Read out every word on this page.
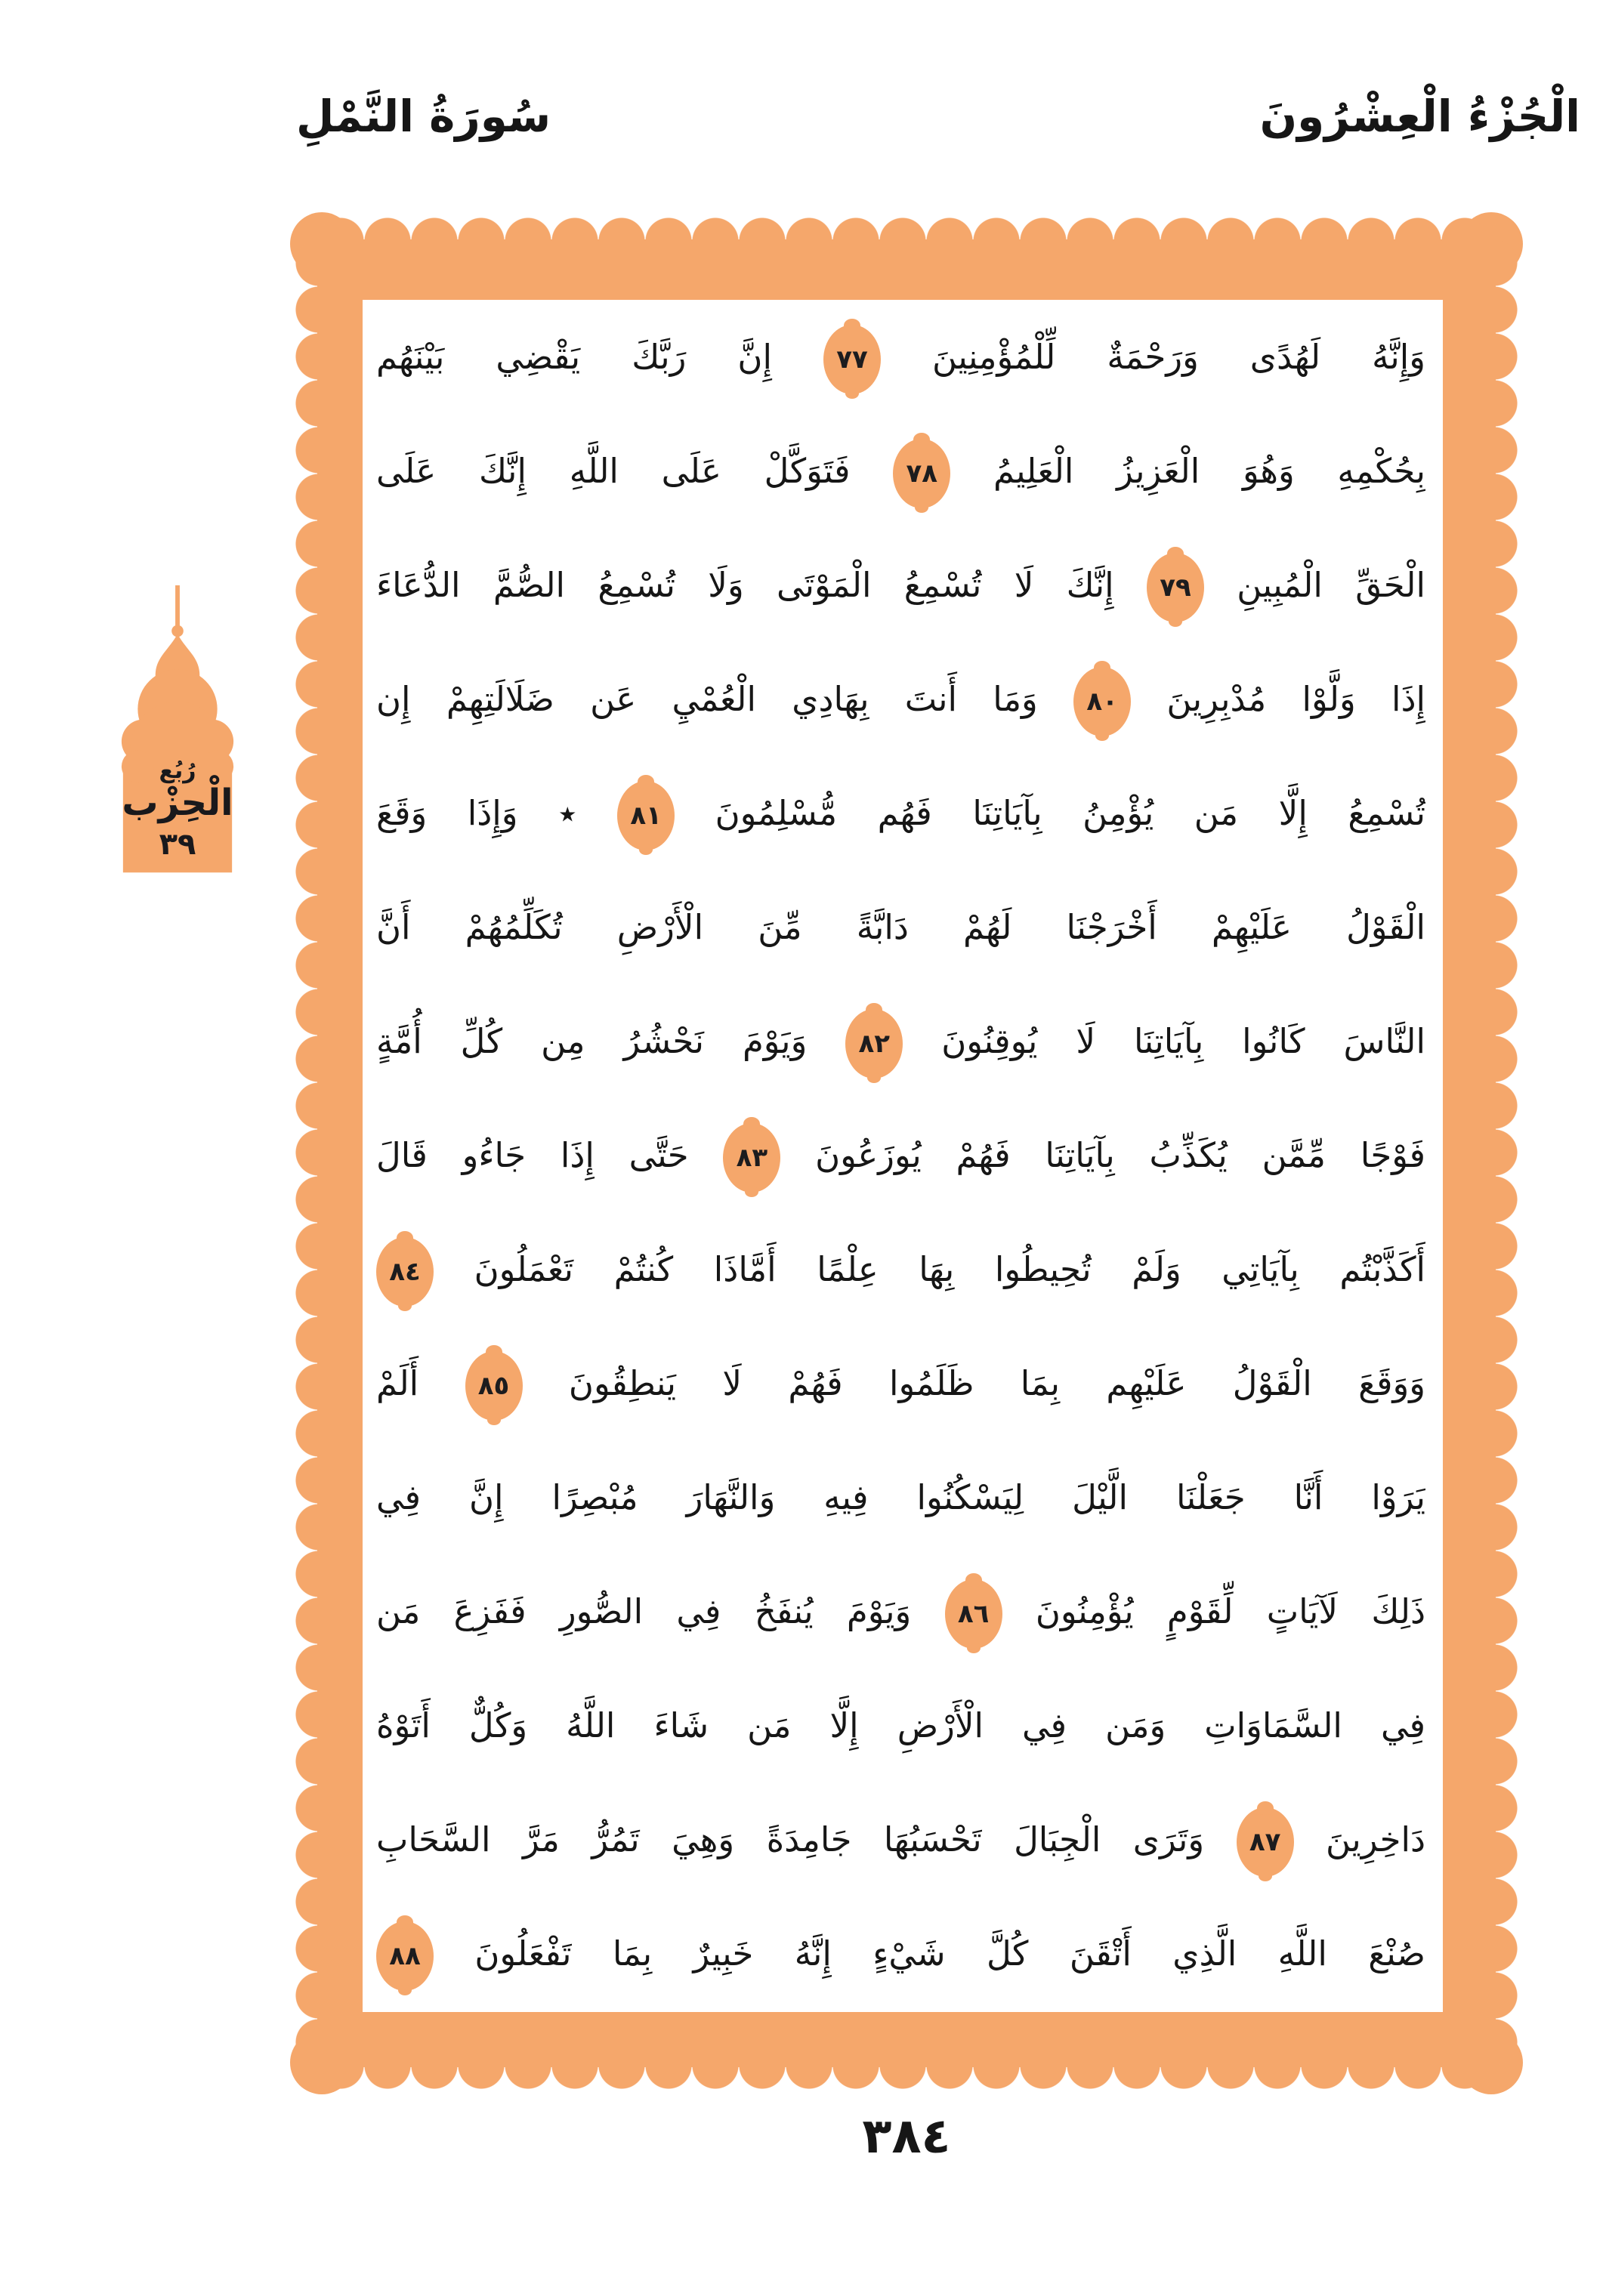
سُورَةُ النَّمْلِ	الْجُزْءُ الْعِشْرُونَ
رُبُع
الْحِزْب
٣٩
وَإِنَّهُ لَهُدًى وَرَحْمَةٌ لِّلْمُؤْمِنِينَ
٧٧
إِنَّ رَبَّكَ يَقْضِي بَيْنَهُم
بِحُكْمِهِ وَهُوَ الْعَزِيزُ الْعَلِيمُ
٧٨
فَتَوَكَّلْ عَلَى اللَّهِ إِنَّكَ عَلَى
الْحَقِّ الْمُبِينِ
٧٩
إِنَّكَ لَا تُسْمِعُ الْمَوْتَى وَلَا تُسْمِعُ الصُّمَّ الدُّعَاءَ
إِذَا وَلَّوْا مُدْبِرِينَ
٨٠
وَمَا أَنتَ بِهَادِي الْعُمْيِ عَن ضَلَالَتِهِمْ إِن
تُسْمِعُ إِلَّا مَن يُؤْمِنُ بِآيَاتِنَا فَهُم مُّسْلِمُونَ
٨١
٭ وَإِذَا وَقَعَ
الْقَوْلُ عَلَيْهِمْ أَخْرَجْنَا لَهُمْ دَابَّةً مِّنَ الْأَرْضِ تُكَلِّمُهُمْ أَنَّ
النَّاسَ كَانُوا بِآيَاتِنَا لَا يُوقِنُونَ
٨٢
وَيَوْمَ نَحْشُرُ مِن كُلِّ أُمَّةٍ
فَوْجًا مِّمَّن يُكَذِّبُ بِآيَاتِنَا فَهُمْ يُوزَعُونَ
٨٣
حَتَّى إِذَا جَاءُو قَالَ
أَكَذَّبْتُم بِآيَاتِي وَلَمْ تُحِيطُوا بِهَا عِلْمًا أَمَّاذَا كُنتُمْ تَعْمَلُونَ
٨٤
وَوَقَعَ الْقَوْلُ عَلَيْهِم بِمَا ظَلَمُوا فَهُمْ لَا يَنطِقُونَ
٨٥
أَلَمْ
يَرَوْا أَنَّا جَعَلْنَا الَّيْلَ لِيَسْكُنُوا فِيهِ وَالنَّهَارَ مُبْصِرًا إِنَّ فِي
ذَلِكَ لَآيَاتٍ لِّقَوْمٍ يُؤْمِنُونَ
٨٦
وَيَوْمَ يُنفَخُ فِي الصُّورِ فَفَزِعَ مَن
فِي السَّمَاوَاتِ وَمَن فِي الْأَرْضِ إِلَّا مَن شَاءَ اللَّهُ وَكُلٌّ أَتَوْهُ
دَاخِرِينَ
٨٧
وَتَرَى الْجِبَالَ تَحْسَبُهَا جَامِدَةً وَهِيَ تَمُرُّ مَرَّ السَّحَابِ
صُنْعَ اللَّهِ الَّذِي أَتْقَنَ كُلَّ شَيْءٍ إِنَّهُ خَبِيرٌ بِمَا تَفْعَلُونَ
٨٨
٣٨٤
